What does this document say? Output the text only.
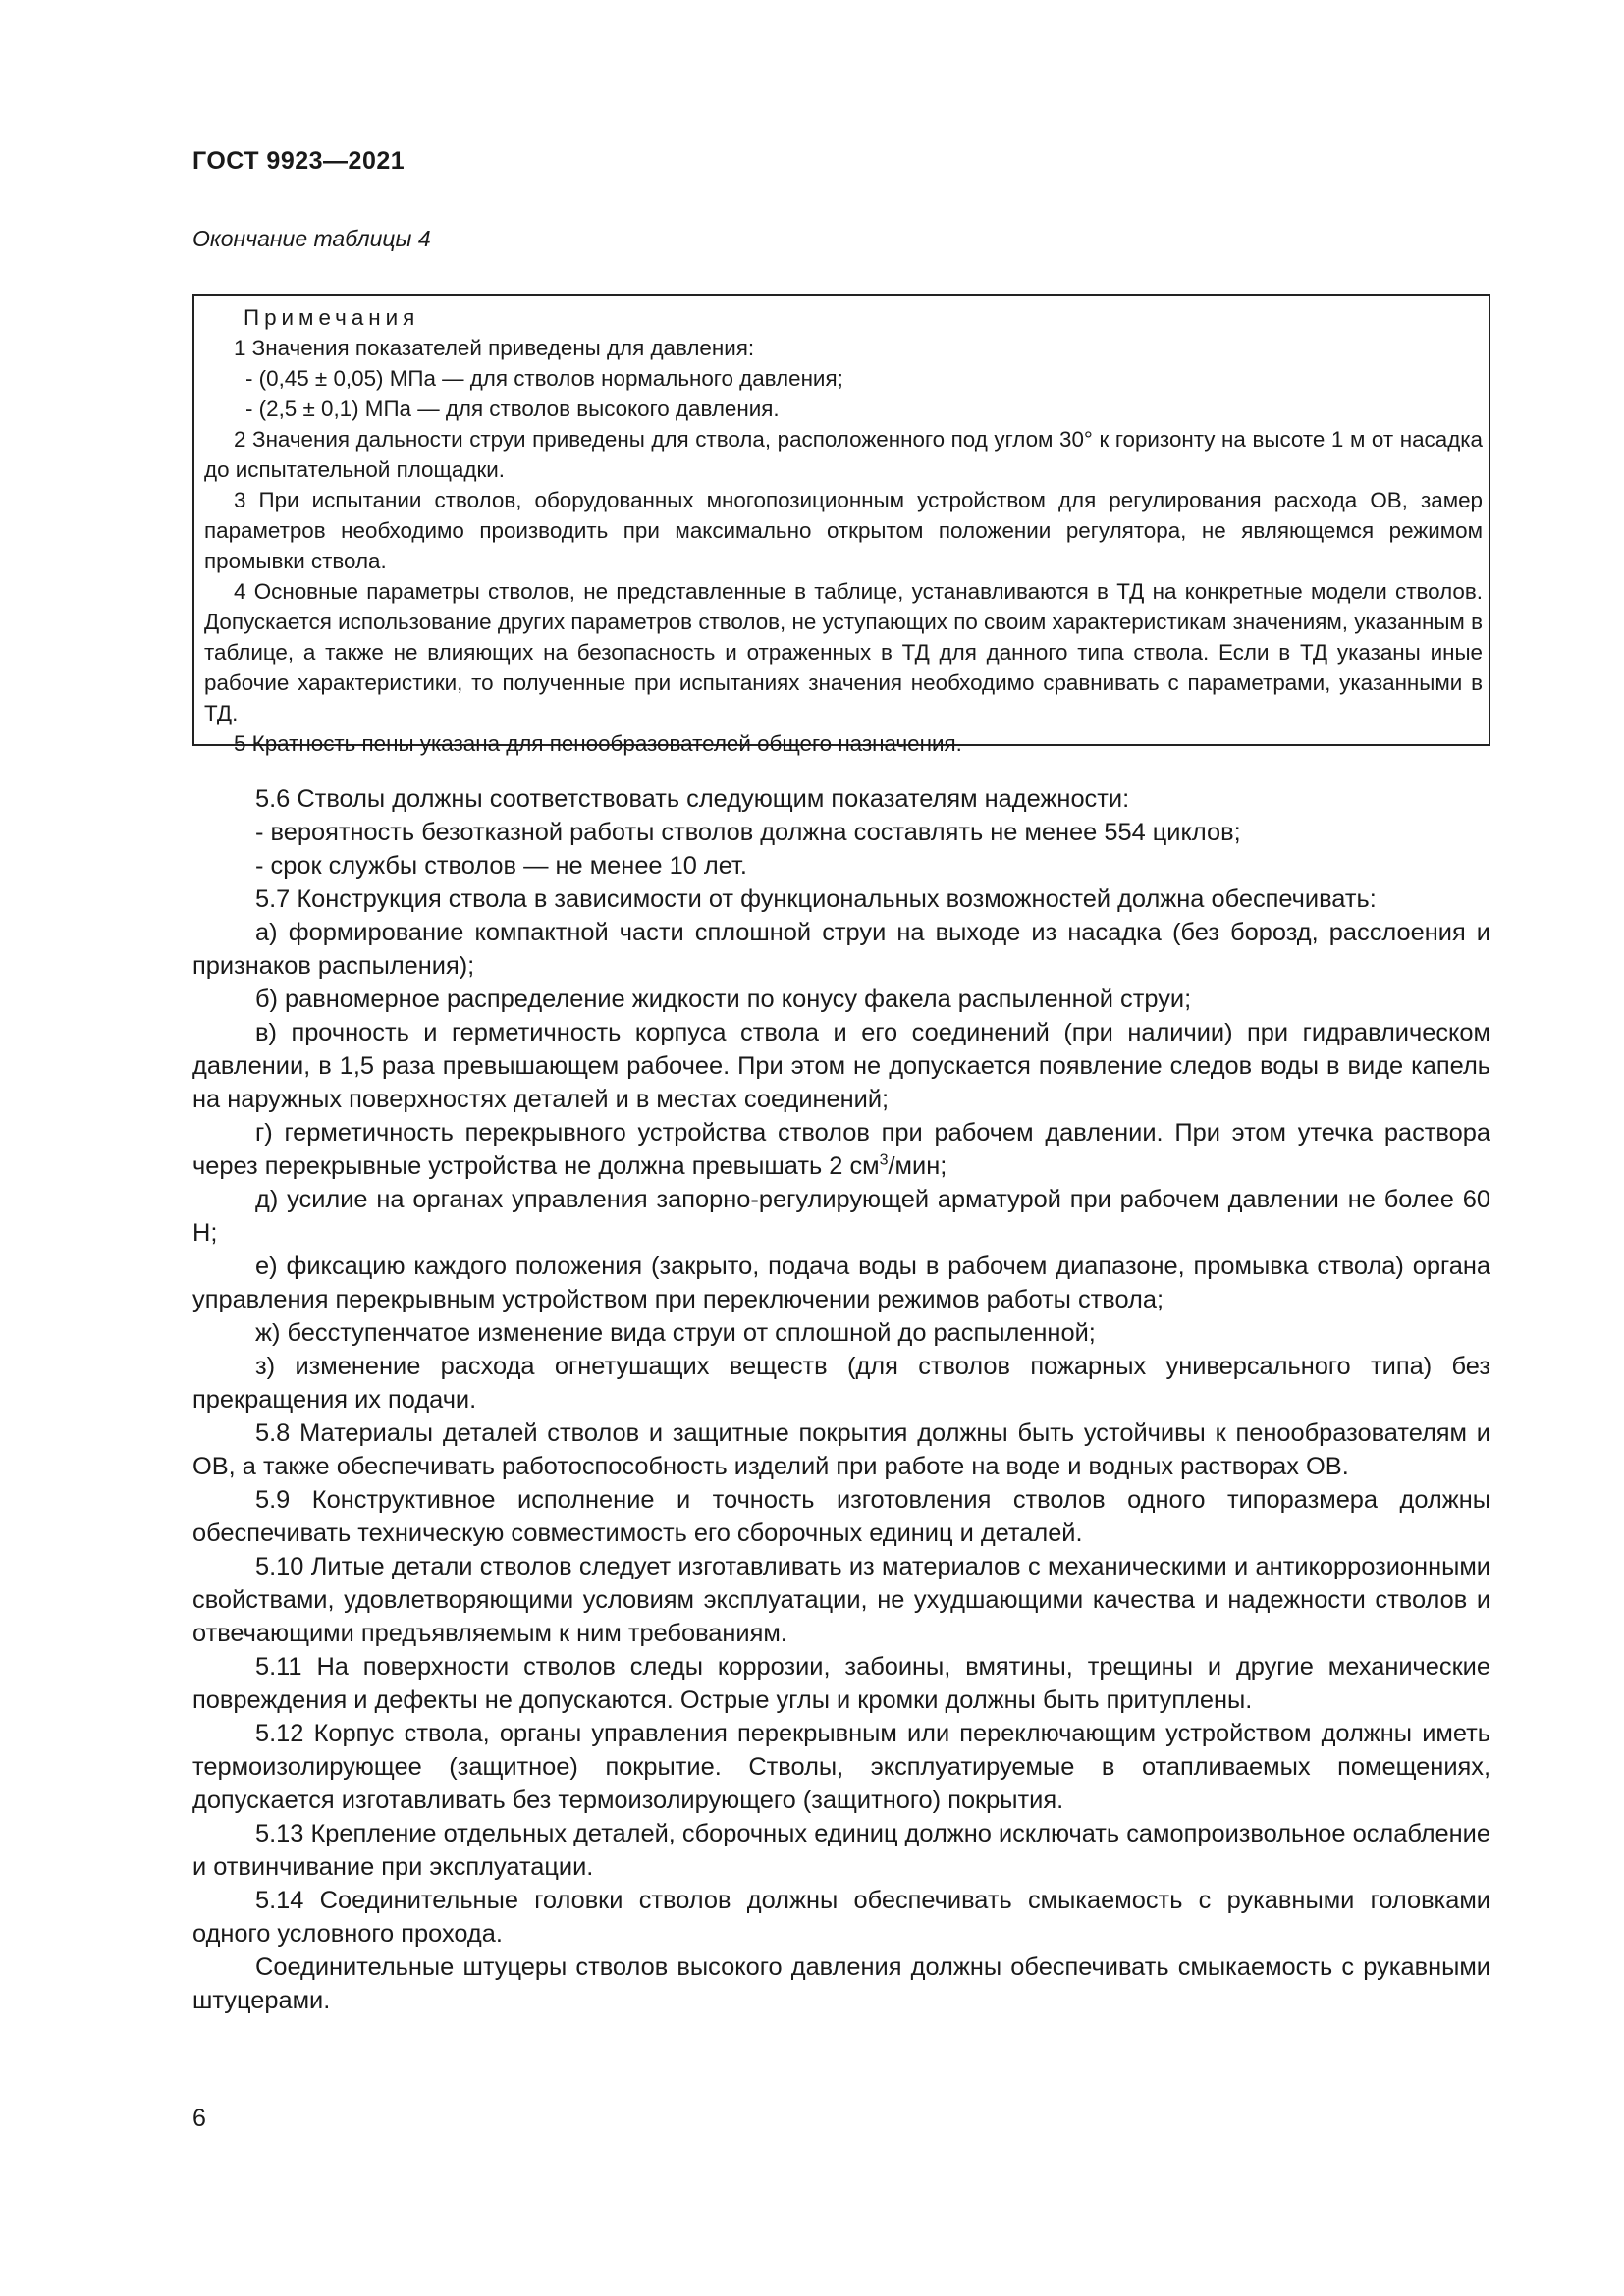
ГОСТ 9923—2021
Окончание таблицы 4

Примечания

1 Значения показателей приведены для давления:

- (0,45 ± 0,05) МПа — для стволов нормального давления;

- (2,5 ± 0,1) МПа — для стволов высокого давления.

2 Значения дальности струи приведены для ствола, расположенного под углом 30° к горизонту на высоте 1 м от насадка до испытательной площадки.

3 При испытании стволов, оборудованных многопозиционным устройством для регулирования расхода ОВ, замер параметров необходимо производить при максимально открытом положении регулятора, не являющемся режимом промывки ствола.

4 Основные параметры стволов, не представленные в таблице, устанавливаются в ТД на конкретные модели стволов. Допускается использование других параметров стволов, не уступающих по своим характеристикам значениям, указанным в таблице, а также не влияющих на безопасность и отраженных в ТД для данного типа ствола. Если в ТД указаны иные рабочие характеристики, то полученные при испытаниях значения необходимо сравнивать с параметрами, указанными в ТД.

5 Кратность пены указана для пенообразователей общего назначения.

5.6 Стволы должны соответствовать следующим показателям надежности:

- вероятность безотказной работы стволов должна составлять не менее 554 циклов;

- срок службы стволов — не менее 10 лет.

5.7 Конструкция ствола в зависимости от функциональных возможностей должна обеспечивать:

а) формирование компактной части сплошной струи на выходе из насадка (без борозд, расслоения и признаков распыления);

б) равномерное распределение жидкости по конусу факела распыленной струи;

в) прочность и герметичность корпуса ствола и его соединений (при наличии) при гидравлическом давлении, в 1,5 раза превышающем рабочее. При этом не допускается появление следов воды в виде капель на наружных поверхностях деталей и в местах соединений;

г) герметичность перекрывного устройства стволов при рабочем давлении. При этом утечка раствора через перекрывные устройства не должна превышать 2 $см^3$/мин;

д) усилие на органах управления запорно-регулирующей арматурой при рабочем давлении не более 60 Н;

е) фиксацию каждого положения (закрыто, подача воды в рабочем диапазоне, промывка ствола) органа управления перекрывным устройством при переключении режимов работы ствола;

ж) бесступенчатое изменение вида струи от сплошной до распыленной;

з) изменение расхода огнетушащих веществ (для стволов пожарных универсального типа) без прекращения их подачи.

5.8 Материалы деталей стволов и защитные покрытия должны быть устойчивы к пенообразователям и ОВ, а также обеспечивать работоспособность изделий при работе на воде и водных растворах ОВ.

5.9 Конструктивное исполнение и точность изготовления стволов одного типоразмера должны обеспечивать техническую совместимость его сборочных единиц и деталей.

5.10 Литые детали стволов следует изготавливать из материалов с механическими и антикоррозионными свойствами, удовлетворяющими условиям эксплуатации, не ухудшающими качества и надежности стволов и отвечающими предъявляемым к ним требованиям.

5.11 На поверхности стволов следы коррозии, забоины, вмятины, трещины и другие механические повреждения и дефекты не допускаются. Острые углы и кромки должны быть притуплены.

5.12 Корпус ствола, органы управления перекрывным или переключающим устройством должны иметь термоизолирующее (защитное) покрытие. Стволы, эксплуатируемые в отапливаемых помещениях, допускается изготавливать без термоизолирующего (защитного) покрытия.

5.13 Крепление отдельных деталей, сборочных единиц должно исключать самопроизвольное ослабление и отвинчивание при эксплуатации.

5.14 Соединительные головки стволов должны обеспечивать смыкаемость с рукавными головками одного условного прохода.

Соединительные штуцеры стволов высокого давления должны обеспечивать смыкаемость с рукавными штуцерами.

6
